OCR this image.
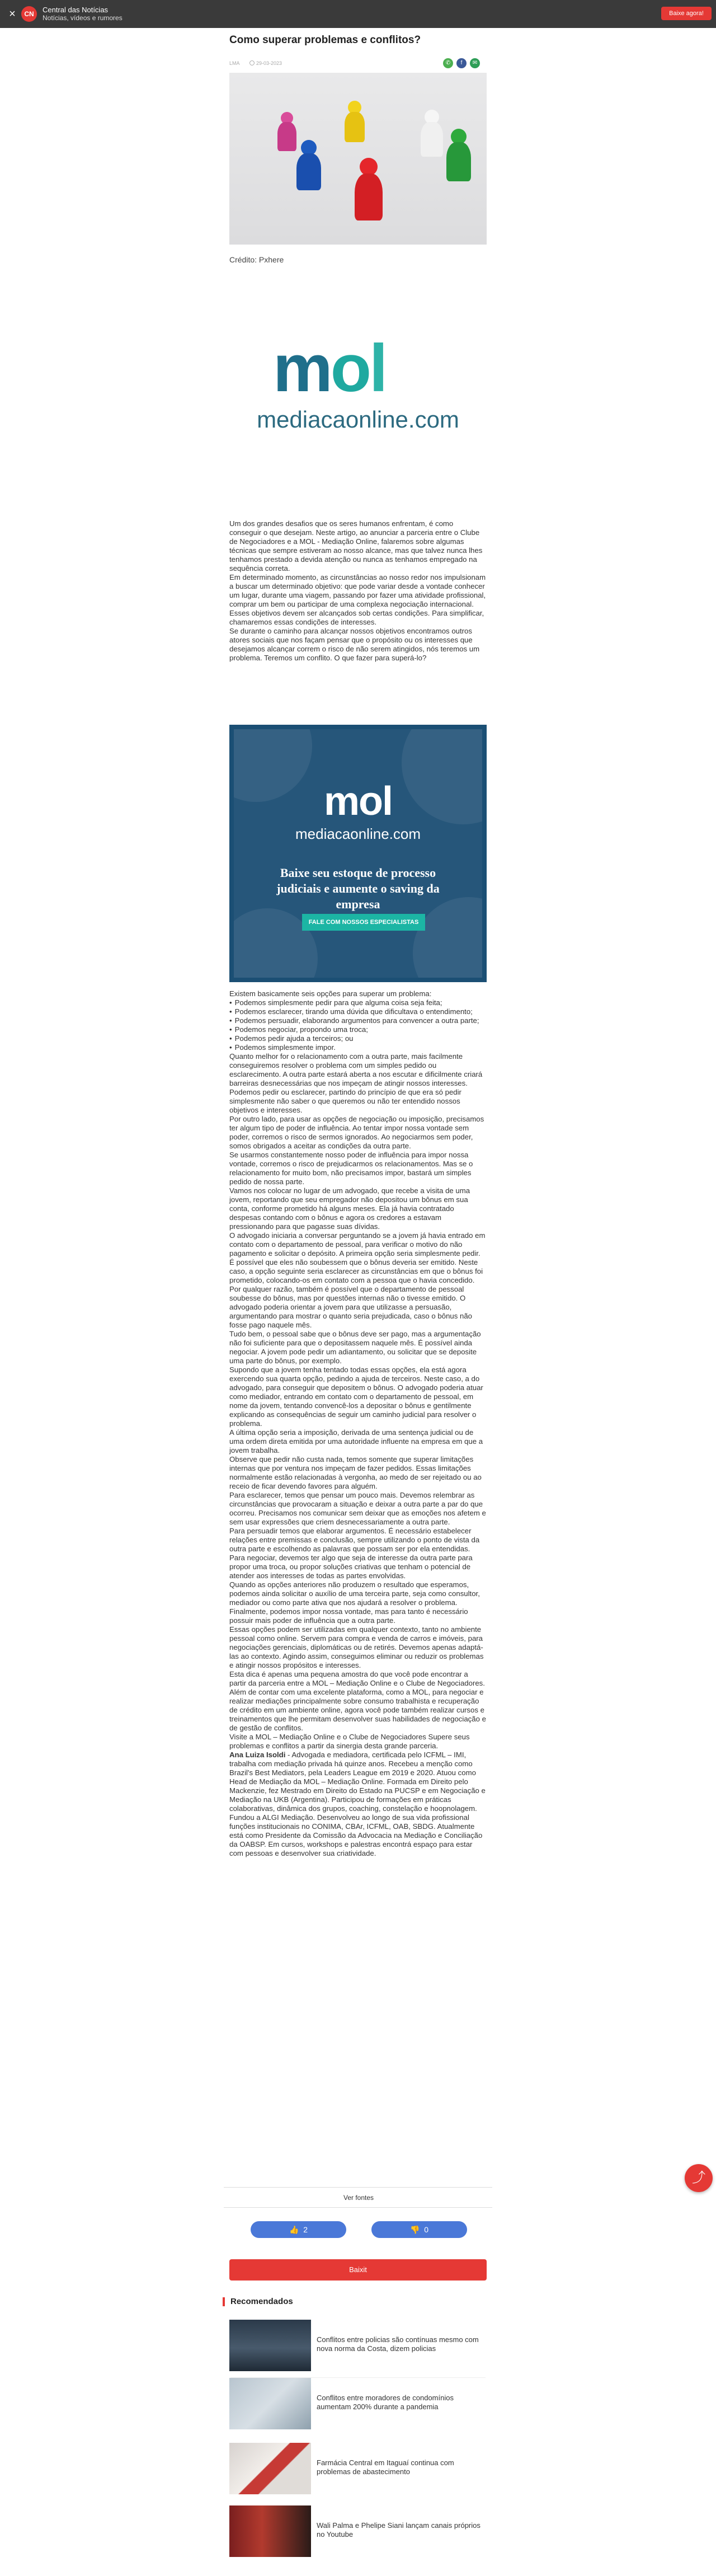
×	CN	Central das Notícias
Notícias, vídeos e rumores
Baixe agora!
Como superar problemas e conflitos?
LMA	29-03-2023	✆	f	✉
Crédito: Pxhere
mol
mediacaonline.com

Um dos grandes desafios que os seres humanos enfrentam, é como conseguir o que desejam. Neste artigo, ao anunciar a parceria entre o Clube de Negociadores e a MOL - Mediação Online, falaremos sobre algumas técnicas que sempre estiveram ao nosso alcance, mas que talvez nunca lhes tenhamos prestado a devida atenção ou nunca as tenhamos empregado na sequência correta.

Em determinado momento, as circunstâncias ao nosso redor nos impulsionam a buscar um determinado objetivo: que pode variar desde a vontade conhecer um lugar, durante uma viagem, passando por fazer uma atividade profissional, comprar um bem ou participar de uma complexa negociação internacional.

Esses objetivos devem ser alcançados sob certas condições. Para simplificar, chamaremos essas condições de interesses.

Se durante o caminho para alcançar nossos objetivos encontramos outros atores sociais que nos façam pensar que o propósito ou os interesses que desejamos alcançar correm o risco de não serem atingidos, nós teremos um problema. Teremos um conflito. O que fazer para superá-lo?

mol
mediacaonline.com
Baixe seu estoque de processo judiciais e aumente o saving da empresa
FALE COM NOSSOS ESPECIALISTAS

Existem basicamente seis opções para superar um problema:

• Podemos simplesmente pedir para que alguma coisa seja feita;
• Podemos esclarecer, tirando uma dúvida que dificultava o entendimento;
• Podemos persuadir, elaborando argumentos para convencer a outra parte;
• Podemos negociar, propondo uma troca;
• Podemos pedir ajuda a terceiros; ou
• Podemos simplesmente impor.

Quanto melhor for o relacionamento com a outra parte, mais facilmente conseguiremos resolver o problema com um simples pedido ou esclarecimento. A outra parte estará aberta a nos escutar e dificilmente criará barreiras desnecessárias que nos impeçam de atingir nossos interesses. Podemos pedir ou esclarecer, partindo do princípio de que era só pedir simplesmente não saber o que queremos ou não ter entendido nossos objetivos e interesses.

Por outro lado, para usar as opções de negociação ou imposição, precisamos ter algum tipo de poder de influência. Ao tentar impor nossa vontade sem poder, corremos o risco de sermos ignorados. Ao negociarmos sem poder, somos obrigados a aceitar as condições da outra parte.

Se usarmos constantemente nosso poder de influência para impor nossa vontade, corremos o risco de prejudicarmos os relacionamentos. Mas se o relacionamento for muito bom, não precisamos impor, bastará um simples pedido de nossa parte.

Vamos nos colocar no lugar de um advogado, que recebe a visita de uma jovem, reportando que seu empregador não depositou um bônus em sua conta, conforme prometido há alguns meses. Ela já havia contratado despesas contando com o bônus e agora os credores a estavam pressionando para que pagasse suas dívidas.

O advogado iniciaria a conversar perguntando se a jovem já havia entrado em contato com o departamento de pessoal, para verificar o motivo do não pagamento e solicitar o depósito. A primeira opção seria simplesmente pedir.

É possível que eles não soubessem que o bônus deveria ser emitido. Neste caso, a opção seguinte seria esclarecer as circunstâncias em que o bônus foi prometido, colocando-os em contato com a pessoa que o havia concedido.

Por qualquer razão, também é possível que o departamento de pessoal soubesse do bônus, mas por questões internas não o tivesse emitido. O advogado poderia orientar a jovem para que utilizasse a persuasão, argumentando para mostrar o quanto seria prejudicada, caso o bônus não fosse pago naquele mês.

Tudo bem, o pessoal sabe que o bônus deve ser pago, mas a argumentação não foi suficiente para que o depositassem naquele mês. É possível ainda negociar. A jovem pode pedir um adiantamento, ou solicitar que se deposite uma parte do bônus, por exemplo.

Supondo que a jovem tenha tentado todas essas opções, ela está agora exercendo sua quarta opção, pedindo a ajuda de terceiros. Neste caso, a do advogado, para conseguir que depositem o bônus. O advogado poderia atuar como mediador, entrando em contato com o departamento de pessoal, em nome da jovem, tentando convencê-los a depositar o bônus e gentilmente explicando as consequências de seguir um caminho judicial para resolver o problema.

A última opção seria a imposição, derivada de uma sentença judicial ou de uma ordem direta emitida por uma autoridade influente na empresa em que a jovem trabalha.

Observe que pedir não custa nada, temos somente que superar limitações internas que por ventura nos impeçam de fazer pedidos. Essas limitações normalmente estão relacionadas à vergonha, ao medo de ser rejeitado ou ao receio de ficar devendo favores para alguém.

Para esclarecer, temos que pensar um pouco mais. Devemos relembrar as circunstâncias que provocaram a situação e deixar a outra parte a par do que ocorreu. Precisamos nos comunicar sem deixar que as emoções nos afetem e sem usar expressões que criem desnecessariamente a outra parte.

Para persuadir temos que elaborar argumentos. É necessário estabelecer relações entre premissas e conclusão, sempre utilizando o ponto de vista da outra parte e escolhendo as palavras que possam ser por ela entendidas.

Para negociar, devemos ter algo que seja de interesse da outra parte para propor uma troca, ou propor soluções criativas que tenham o potencial de atender aos interesses de todas as partes envolvidas.

Quando as opções anteriores não produzem o resultado que esperamos, podemos ainda solicitar o auxílio de uma terceira parte, seja como consultor, mediador ou como parte ativa que nos ajudará a resolver o problema.

Finalmente, podemos impor nossa vontade, mas para tanto é necessário possuir mais poder de influência que a outra parte.

Essas opções podem ser utilizadas em qualquer contexto, tanto no ambiente pessoal como online. Servem para compra e venda de carros e imóveis, para negociações gerenciais, diplomáticas ou de retirés. Devemos apenas adaptá-las ao contexto. Agindo assim, conseguimos eliminar ou reduzir os problemas e atingir nossos propósitos e interesses.

Esta dica é apenas uma pequena amostra do que você pode encontrar a partir da parceria entre a MOL – Mediação Online e o Clube de Negociadores. Além de contar com uma excelente plataforma, como a MOL, para negociar e realizar mediações principalmente sobre consumo trabalhista e recuperação de crédito em um ambiente online, agora você pode também realizar cursos e treinamentos que lhe permitam desenvolver suas habilidades de negociação e de gestão de conflitos.

Visite a MOL – Mediação Online e o Clube de Negociadores Supere seus problemas e conflitos a partir da sinergia desta grande parceria.

Ana Luiza Isoldi - Advogada e mediadora, certificada pelo ICFML – IMI, trabalha com mediação privada há quinze anos. Recebeu a menção como Brazil's Best Mediators, pela Leaders League em 2019 e 2020. Atuou como Head de Mediação da MOL – Mediação Online. Formada em Direito pelo Mackenzie, fez Mestrado em Direito do Estado na PUCSP e em Negociação e Mediação na UKB (Argentina). Participou de formações em práticas colaborativas, dinâmica dos grupos, coaching, constelação e hoopnolagem. Fundou a ALGI Mediação. Desenvolveu ao longo de sua vida profissional funções institucionais no CONIMA, CBAr, ICFML, OAB, SBDG. Atualmente está como Presidente da Comissão da Advocacia na Mediação e Conciliação da OABSP. Em cursos, workshops e palestras encontrá espaço para estar com pessoas e desenvolver sua criatividade.

Ver fontes
👍 2	👎 0
Baixit
Recomendados
Conflitos entre policias são contínuas mesmo com nova norma da Costa, dizem policias
Conflitos entre moradores de condomínios aumentam 200% durante a pandemia
Farmácia Central em Itaguaí continua com problemas de abastecimento
Wali Palma e Phelipe Siani lançam canais próprios no Youtube
⤴
